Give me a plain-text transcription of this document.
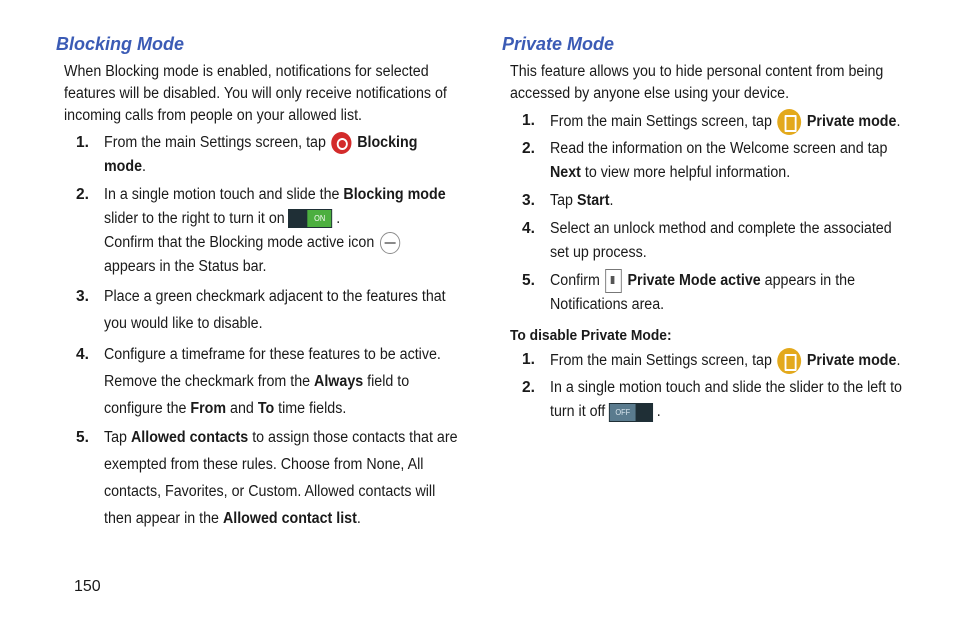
Blocking Mode

When Blocking mode is enabled, notifications for selected features will be disabled. You will only receive notifications of incoming calls from people on your allowed list.

1. From the main Settings screen, tap Blocking mode.
2. In a single motion touch and slide the Blocking mode slider to the right to turn it on	ON .
Confirm that the Blocking mode active icon
appears in the Status bar.
3. Place a green checkmark adjacent to the features that you would like to disable.
4. Configure a timeframe for these features to be active. Remove the checkmark from the Always field to configure the From and To time fields.
5. Tap Allowed contacts to assign those contacts that are exempted from these rules. Choose from None, All contacts, Favorites, or Custom. Allowed contacts will then appear in the Allowed contact list.
Private Mode

This feature allows you to hide personal content from being accessed by anyone else using your device.

1. From the main Settings screen, tap Private mode.
2. Read the information on the Welcome screen and tap Next to view more helpful information.
3. Tap Start.
4. Select an unlock method and complete the associated set up process.
5. Confirm Private Mode active appears in the Notifications area.
To disable Private Mode:
1. From the main Settings screen, tap Private mode.
2. In a single motion touch and slide the slider to the left to turn it off	OFF	.
150
